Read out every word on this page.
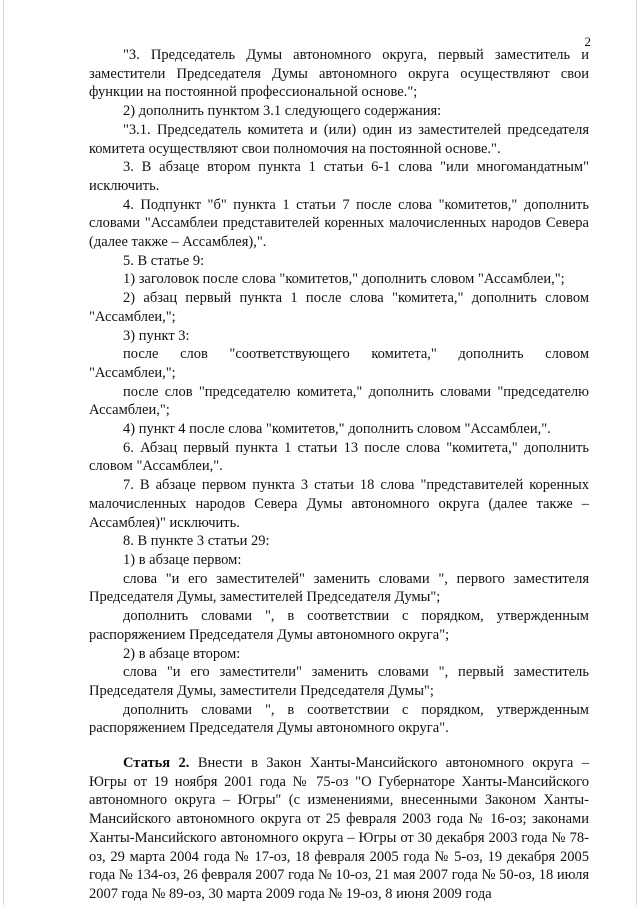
2

"3. Председатель Думы автономного округа, первый заместитель и заместители Председателя Думы автономного округа осуществляют свои функции на постоянной профессиональной основе.";

2) дополнить пунктом 3.1 следующего содержания:

"3.1. Председатель комитета и (или) один из заместителей председателя комитета осуществляют свои полномочия на постоянной основе.".

3. В абзаце втором пункта 1 статьи 6-1 слова "или многомандатным" исключить.

4. Подпункт "б" пункта 1 статьи 7 после слова "комитетов," дополнить словами "Ассамблеи представителей коренных малочисленных народов Севера (далее также – Ассамблея),".

5. В статье 9:

1) заголовок после слова "комитетов," дополнить словом "Ассамблеи,";

2) абзац первый пункта 1 после слова "комитета," дополнить словом "Ассамблеи,";

3) пункт 3:

после слов "соответствующего комитета," дополнить словом "Ассамблеи,";

после слов "председателю комитета," дополнить словами "председателю Ассамблеи,";

4) пункт 4 после слова "комитетов," дополнить словом "Ассамблеи,".

6. Абзац первый пункта 1 статьи 13 после слова "комитета," дополнить словом "Ассамблеи,".

7. В абзаце первом пункта 3 статьи 18 слова "представителей коренных малочисленных народов Севера Думы автономного округа (далее также – Ассамблея)" исключить.

8. В пункте 3 статьи 29:

1) в абзаце первом:

слова "и его заместителей" заменить словами ", первого заместителя Председателя Думы, заместителей Председателя Думы";

дополнить словами ", в соответствии с порядком, утвержденным распоряжением Председателя Думы автономного округа";

2) в абзаце втором:

слова "и его заместители" заменить словами ", первый заместитель Председателя Думы, заместители Председателя Думы";

дополнить словами ", в соответствии с порядком, утвержденным распоряжением Председателя Думы автономного округа".

Статья 2. Внести в Закон Ханты-Мансийского автономного округа – Югры от 19 ноября 2001 года № 75-оз "О Губернаторе Ханты-Мансийского автономного округа – Югры" (с изменениями, внесенными Законом Ханты-Мансийского автономного округа от 25 февраля 2003 года № 16-оз; законами Ханты-Мансийского автономного округа – Югры от 30 декабря 2003 года № 78-оз, 29 марта 2004 года № 17-оз, 18 февраля 2005 года № 5-оз, 19 декабря 2005 года № 134-оз, 26 февраля 2007 года № 10-оз, 21 мая 2007 года № 50-оз, 18 июля 2007 года № 89-оз, 30 марта 2009 года № 19-оз, 8 июня 2009 года
